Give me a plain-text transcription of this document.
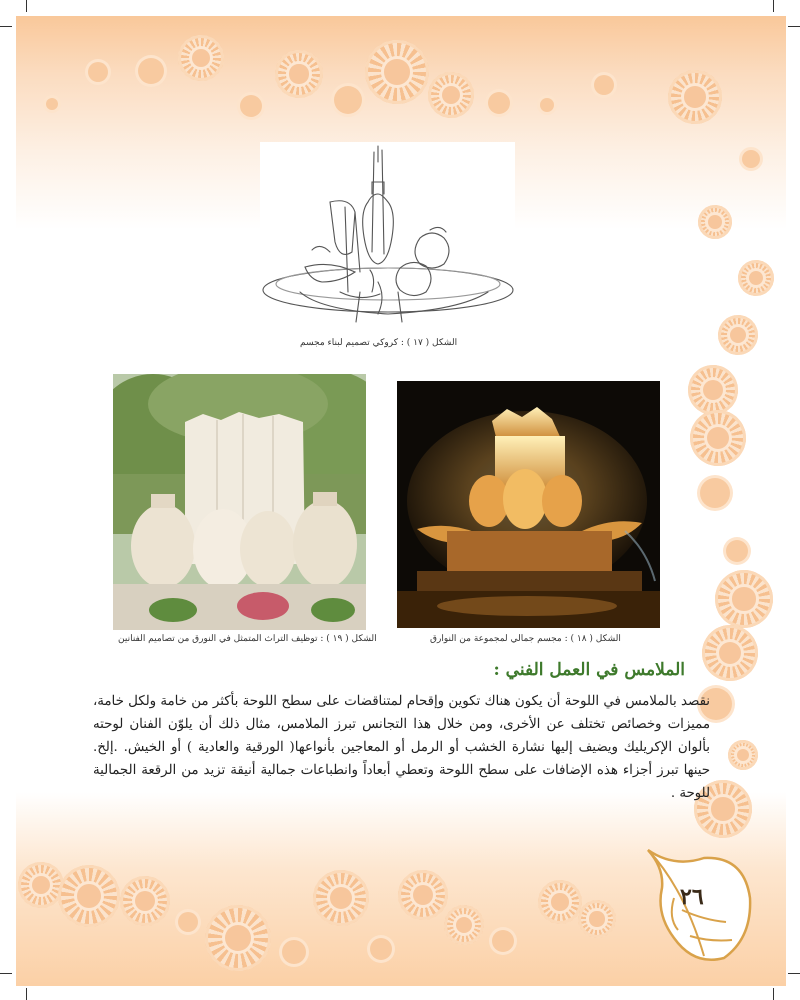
الشكل ( ١٧ ) : كروكي تصميم لبناء مجسم
الشكل ( ١٨ ) : مجسم جمالي لمجموعة من النوارق
الشكل ( ١٩ ) : توظيف التراث المتمثل في النورق من تصاميم الفنانين
الملامس في العمل الفني :

نقصد بالملامس في اللوحة أن يكون هناك تكوين وإقحام لمتناقضات على سطح اللوحة بأكثر من خامة ولكل خامة، مميزات وخصائص تختلف عن الأخرى، ومن خلال هذا التجانس تبرز الملامس، مثال ذلك أن يلوّن الفنان لوحته بألوان الإكريليك ويضيف إليها نشارة الخشب أو الرمل أو المعاجين بأنواعها( الورقية والعادية ) أو الخيش. .إلخ. حينها تبرز أجزاء هذه الإضافات على سطح اللوحة وتعطي أبعاداً وانطباعات جمالية أنيقة تزيد من الرقعة الجمالية للوحة .

٢٦
